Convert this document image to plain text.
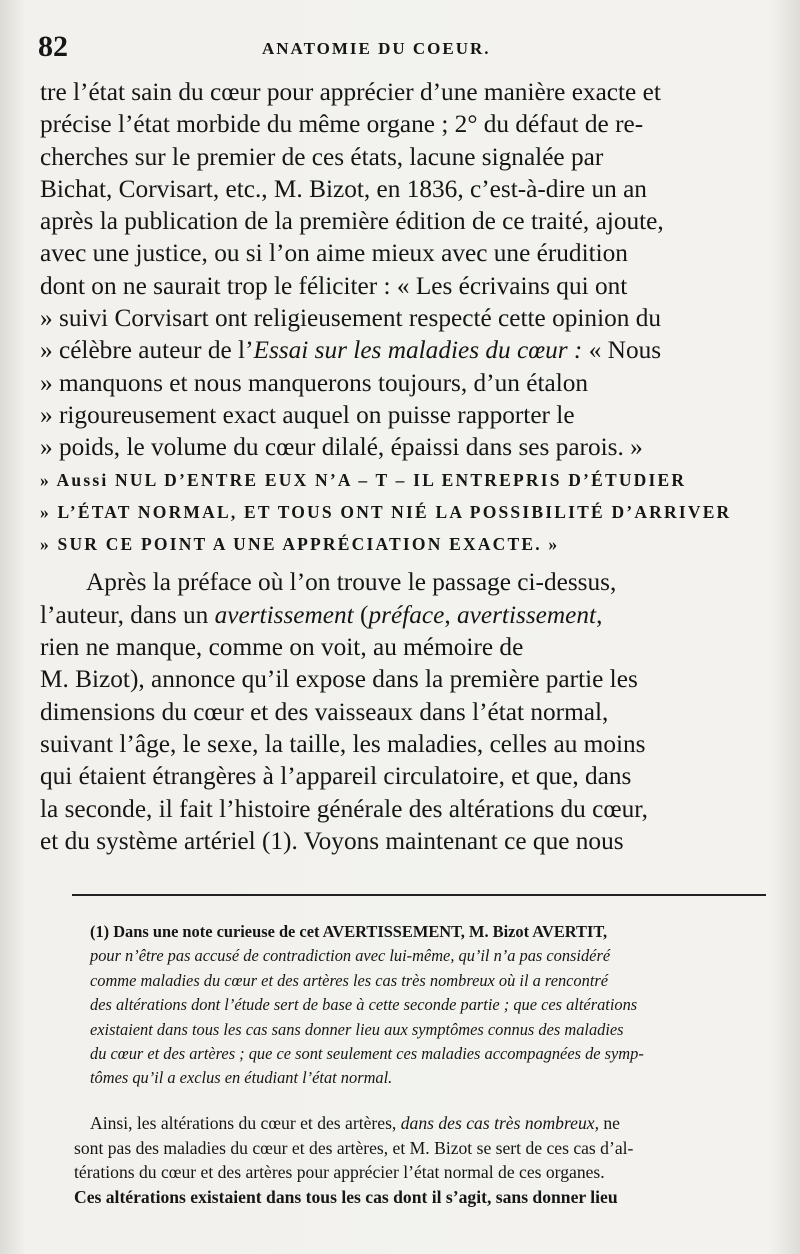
82	ANATOMIE DU COEUR.
tre l’état sain du cœur pour apprécier d’une manière exacte et
précise l’état morbide du même organe ; 2° du défaut de re-
cherches sur le premier de ces états, lacune signalée par
Bichat, Corvisart, etc., M. Bizot, en 1836, c’est-à-dire un an
après la publication de la première édition de ce traité, ajoute,
avec une justice, ou si l’on aime mieux avec une érudition
dont on ne saurait trop le féliciter : « Les écrivains qui ont
» suivi Corvisart ont religieusement respecté cette opinion du
» célèbre auteur de l’Essai sur les maladies du cœur : « Nous
» manquons et nous manquerons toujours, d’un étalon
» rigoureusement exact auquel on puisse rapporter le
» poids, le volume du cœur dilalé, épaissi dans ses parois. »
» Aussi NUL D’ENTRE EUX N’A – T – IL ENTREPRIS D’ÉTUDIER
» L’ÉTAT NORMAL, ET TOUS ONT NIÉ LA POSSIBILITÉ D’ARRIVER
» SUR CE POINT A UNE APPRÉCIATION EXACTE. »
Après la préface où l’on trouve le passage ci-dessus,
l’auteur, dans un avertissement (préface, avertissement,
rien ne manque, comme on voit, au mémoire de
M. Bizot), annonce qu’il expose dans la première partie les
dimensions du cœur et des vaisseaux dans l’état normal,
suivant l’âge, le sexe, la taille, les maladies, celles au moins
qui étaient étrangères à l’appareil circulatoire, et que, dans
la seconde, il fait l’histoire générale des altérations du cœur,
et du système artériel (1). Voyons maintenant ce que nous
(1) Dans une note curieuse de cet AVERTISSEMENT, M. Bizot AVERTIT,
pour n’être pas accusé de contradiction avec lui-même, qu’il n’a pas considéré
comme maladies du cœur et des artères les cas très nombreux où il a rencontré
des altérations dont l’étude sert de base à cette seconde partie ; que ces altérations
existaient dans tous les cas sans donner lieu aux symptômes connus des maladies
du cœur et des artères ; que ce sont seulement ces maladies accompagnées de symp-
tômes qu’il a exclus en étudiant l’état normal.
Ainsi, les altérations du cœur et des artères, dans des cas très nombreux, ne
sont pas des maladies du cœur et des artères, et M. Bizot se sert de ces cas d’al-
térations du cœur et des artères pour apprécier l’état normal de ces organes.
Ces altérations existaient dans tous les cas dont il s’agit, sans donner lieu
